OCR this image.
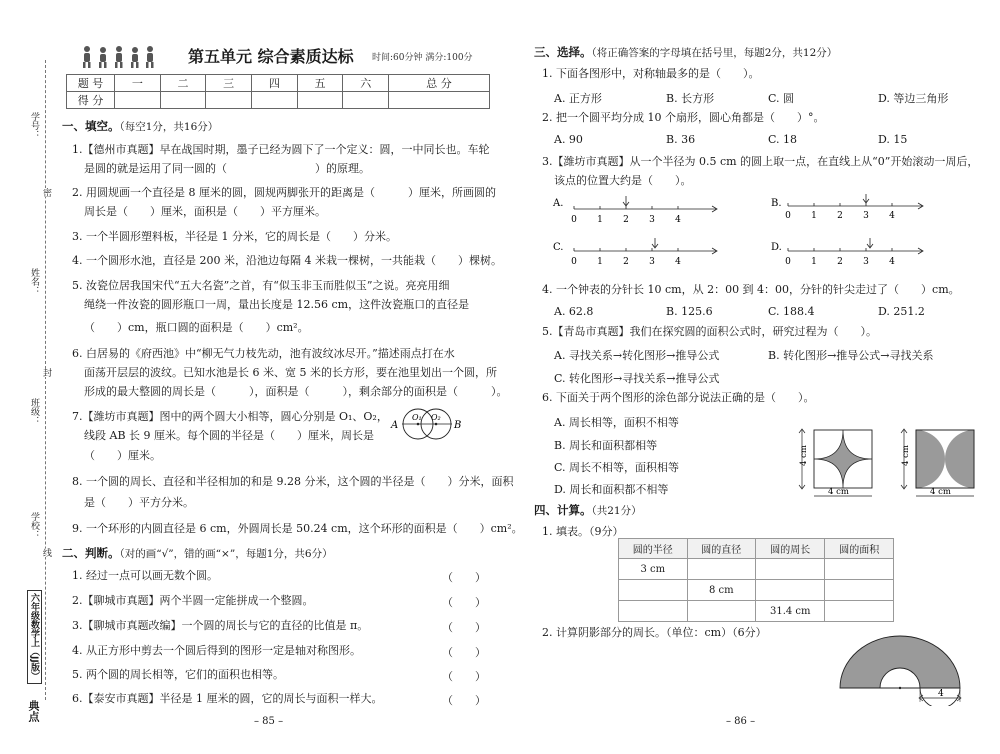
学号：
密
姓名：
封
班级：
学校：
线
六年级数学上（JJ版）
典点
第五单元 综合素质达标 时间:60分钟 满分:100分
题 号	一	二	三	四	五	六	总 分
得 分							
一、填空。（每空1分，共16分）
1.【德州市真题】早在战国时期，墨子已经为圆下了一个定义：圆，一中同长也。车轮
是圆的就是运用了同一圆的（　　　　　　　　）的原理。
2. 用圆规画一个直径是 8 厘米的圆，圆规两脚张开的距离是（　　　）厘米，所画圆的
周长是（　　）厘米，面积是（　　）平方厘米。
3. 一个半圆形塑料板，半径是 1 分米，它的周长是（　　）分米。
4. 一个圆形水池，直径是 200 米，沿池边每隔 4 米栽一棵树，一共能栽（　　）棵树。
5. 汝瓷位居我国宋代“五大名瓷”之首，有“似玉非玉而胜似玉”之说。亮亮用细
绳绕一件汝瓷的圆形瓶口一周，量出长度是 12.56 cm，这件汝瓷瓶口的直径是
（　　）cm，瓶口圆的面积是（　　）cm²。
6. 白居易的《府西池》中“柳无气力枝先动，池有波纹冰尽开。”描述雨点打在水
面荡开层层的波纹。已知水池是长 6 米、宽 5 米的长方形，要在池里划出一个圆，所
形成的最大整圆的周长是（　　　），面积是（　　　），剩余部分的面积是（　　　）。
7.【潍坊市真题】图中的两个圆大小相等，圆心分别是 O₁、O₂，
线段 AB 长 9 厘米。每个圆的半径是（　　）厘米，周长是
（　　）厘米。
A	B
O₁ O₂
8. 一个圆的周长、直径和半径相加的和是 9.28 分米，这个圆的半径是（　　）分米，面积
是（　　）平方分米。
9. 一个环形的内圆直径是 6 cm，外圆周长是 50.24 cm，这个环形的面积是（　　）cm²。
二、判断。（对的画“√”，错的画“×”，每题1分，共6分）
1. 经过一点可以画无数个圆。	（　　）
2.【聊城市真题】两个半圆一定能拼成一个整圆。	（　　）
3.【聊城市真题改编】一个圆的周长与它的直径的比值是 π。	（　　）
4. 从正方形中剪去一个圆后得到的图形一定是轴对称图形。	（　　）
5. 两个圆的周长相等，它们的面积也相等。	（　　）
6.【泰安市真题】半径是 1 厘米的圆，它的周长与面积一样大。	（　　）
– 85 –
三、选择。（将正确答案的字母填在括号里，每题2分，共12分）
1. 下面各图形中，对称轴最多的是（　　）。
A. 正方形	B. 长方形	C. 圆	D. 等边三角形
2. 把一个圆平均分成 10 个扇形，圆心角都是（　　）°。
A. 90	B. 36	C. 18	D. 15
3.【潍坊市真题】从一个半径为 0.5 cm 的圆上取一点，在直线上从“0”开始滚动一周后，
该点的位置大约是（　　）。
A.
0 1 2 3 4
B.
0 1 2 3 4
C.
0 1 2 3 4
D.
0 1 2 3 4
4. 一个钟表的分针长 10 cm，从 2：00 到 4：00，分针的针尖走过了（　　）cm。
A. 62.8	B. 125.6	C. 188.4	D. 251.2
5.【青岛市真题】我们在探究圆的面积公式时，研究过程为（　　）。
A. 寻找关系→转化图形→推导公式	B. 转化图形→推导公式→寻找关系
C. 转化图形→寻找关系→推导公式
6. 下面关于两个图形的涂色部分说法正确的是（　　）。
A. 周长相等，面积不相等
B. 周长和面积都相等
C. 周长不相等，面积相等
D. 周长和面积都不相等
4 cm
4 cm
4 cm
4 cm
四、计算。（共21分）
1. 填表。（9分）
圆的半径	圆的直径	圆的周长	圆的面积
3 cm			
	8 cm		
		31.4 cm	
2. 计算阴影部分的周长。（单位：cm）（6分）
4
– 86 –
